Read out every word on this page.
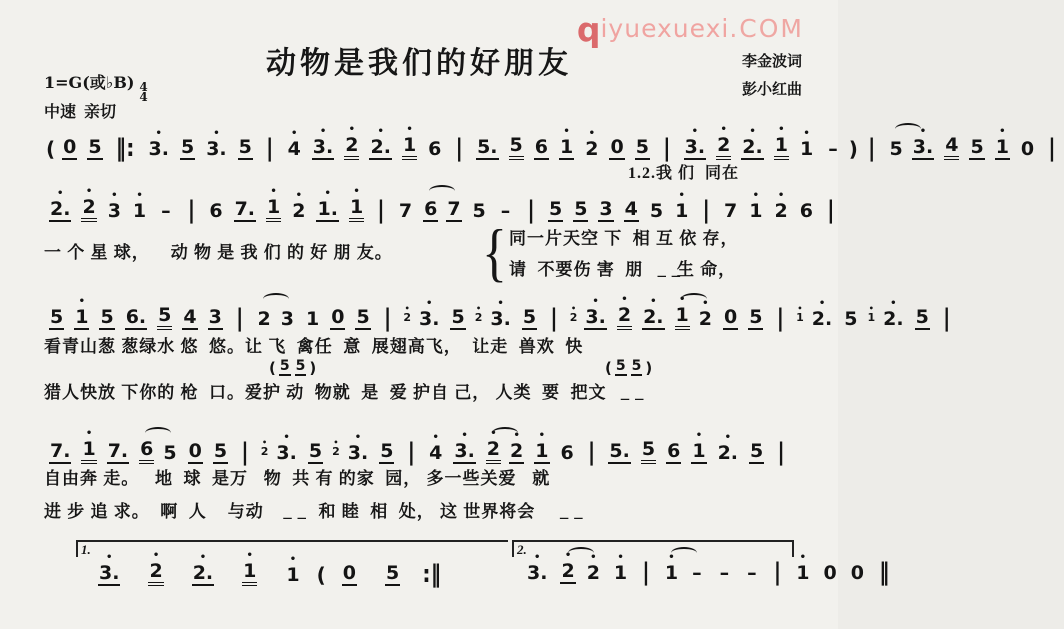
qiyuexuexi.COM
动物是我们的好朋友	李金波词
彭小红曲
1=G(或♭B) 4
4
中速  亲切
(
0
5 ‖:
•
3.
5
•
3.
5 |
•
4
•
3.
•
2
•
2.
•
1
6 |
5.
5
6
•
1
•
2
0
5 |
•
3.
•
2
•
2.
•
1
•
1 – ) |
5
•
3.
4
5
•
1
0 |
1.2.我 们  同在
•
2.
•
2
•
3
•
1 – |
6
7.
•
1
•
2
•
1.
•
1 |
7
6
7
5 – |
5
5
3
4
5
•
1 |
7
•
1
•
2
6 |
一 个 星 球，    动 物 是 我 们 的 好 朋 友。 { 同一片天空 下  相 互 依 存，
请  不要伤 害  朋 友̲的̲生 命，

5
•
1
5
6.
5
4
3 |
2
3
1
0
5 | •
2
•
3.
5 •
2
•
3.
5 | •
2
•
3.
•
2
•
2.
•
1
•
2
0
5 | •
1
•
2.
5 •
1
•
2.
5 |
看青山葱 葱绿水 悠  悠。让 飞  禽任  意  展翅高飞，  让走  兽欢  快
(
5
5 )	(
5
5 )
猎人快放 下你的 枪  口。爱护 动  物就  是  爱 护自 己， 人类  要  把文 明̲与̲

7.
•
1
7.
6
5
0
5 | •
2
•
3.
5 •
2
•
3.
5 |
•
4
•
3.
•
2
•
2
•
1
6 |
5.
5
6
•
1
•
2.
5 |
自由奔 走。   地  球  是万   物  共 有 的家  园， 多一些关爱   就
进 步 追 求。  啊  人    与动  物̲要̲   和 睦  相  处， 这 世界将会   更̲加̲
1.	2.
•
3.
•
2
•
2.
•
1
•
1 (
0
5 :‖
•
3.
•
2
•
2
•
1 |
•
1 – – – |
•
1
0
0 ‖
